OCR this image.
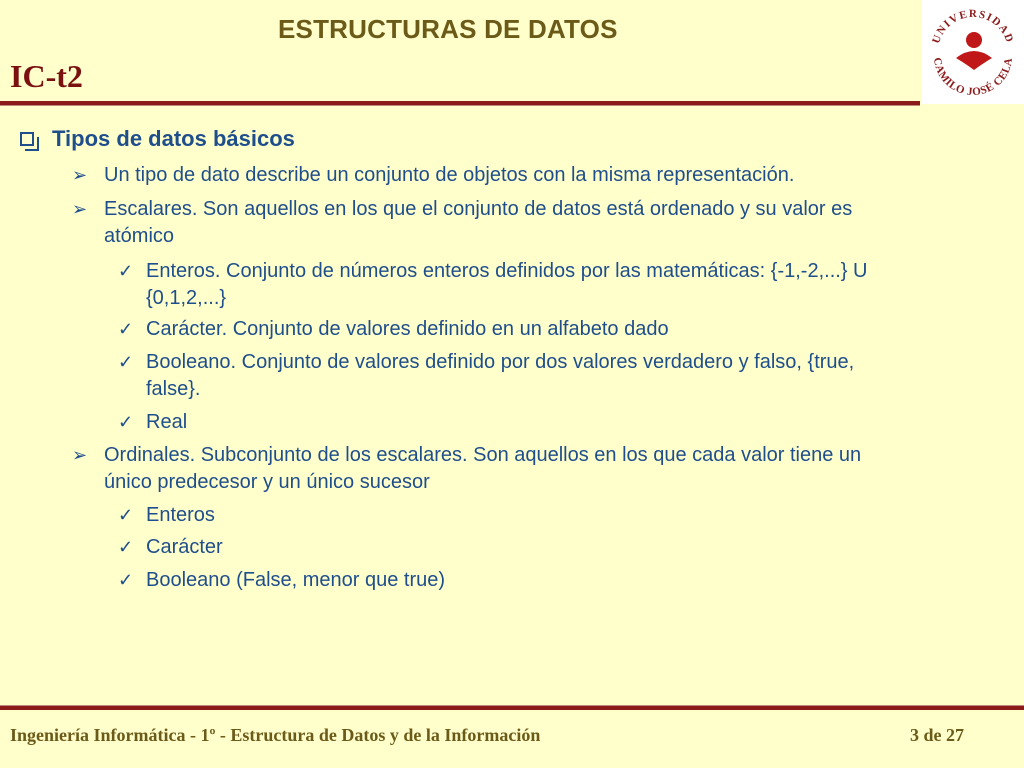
ESTRUCTURAS DE DATOS
IC-t2
UNIVERSIDAD
CAMILO JOSÉ CELA
Tipos de datos básicos
➢ Un tipo de dato describe un conjunto de objetos con la misma representación.
➢ Escalares. Son aquellos en los que el conjunto de datos está ordenado y su valor es
atómico
✓ Enteros. Conjunto de números enteros definidos por las matemáticas: {-1,-2,...} U
{0,1,2,...}
✓ Carácter. Conjunto de valores definido en un alfabeto dado
✓ Booleano. Conjunto de valores definido por dos valores verdadero y falso, {true,
false}.
✓ Real
➢ Ordinales. Subconjunto de los escalares. Son aquellos en los que cada valor tiene un
único predecesor y un único sucesor
✓ Enteros
✓ Carácter
✓ Booleano (False, menor que true)
Ingeniería Informática - 1º - Estructura de Datos y de la Información	3 de 27
